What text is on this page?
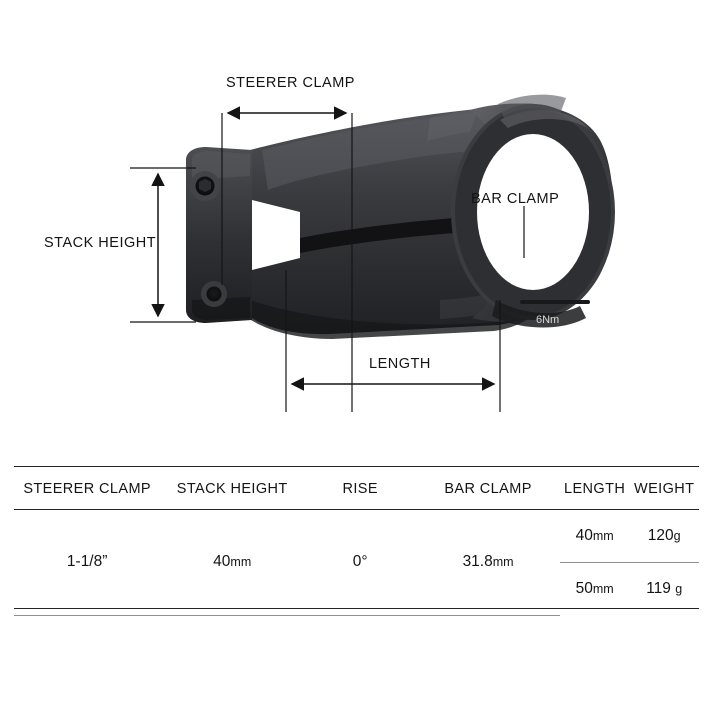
6Nm
STEERER CLAMP
STACK HEIGHT
BAR CLAMP
LENGTH
STEERER CLAMP	STACK HEIGHT	RISE	BAR CLAMP	LENGTH	WEIGHT
1-1/8”	40mm	0°	31.8mm	40mm	120g
				50mm	119 g
